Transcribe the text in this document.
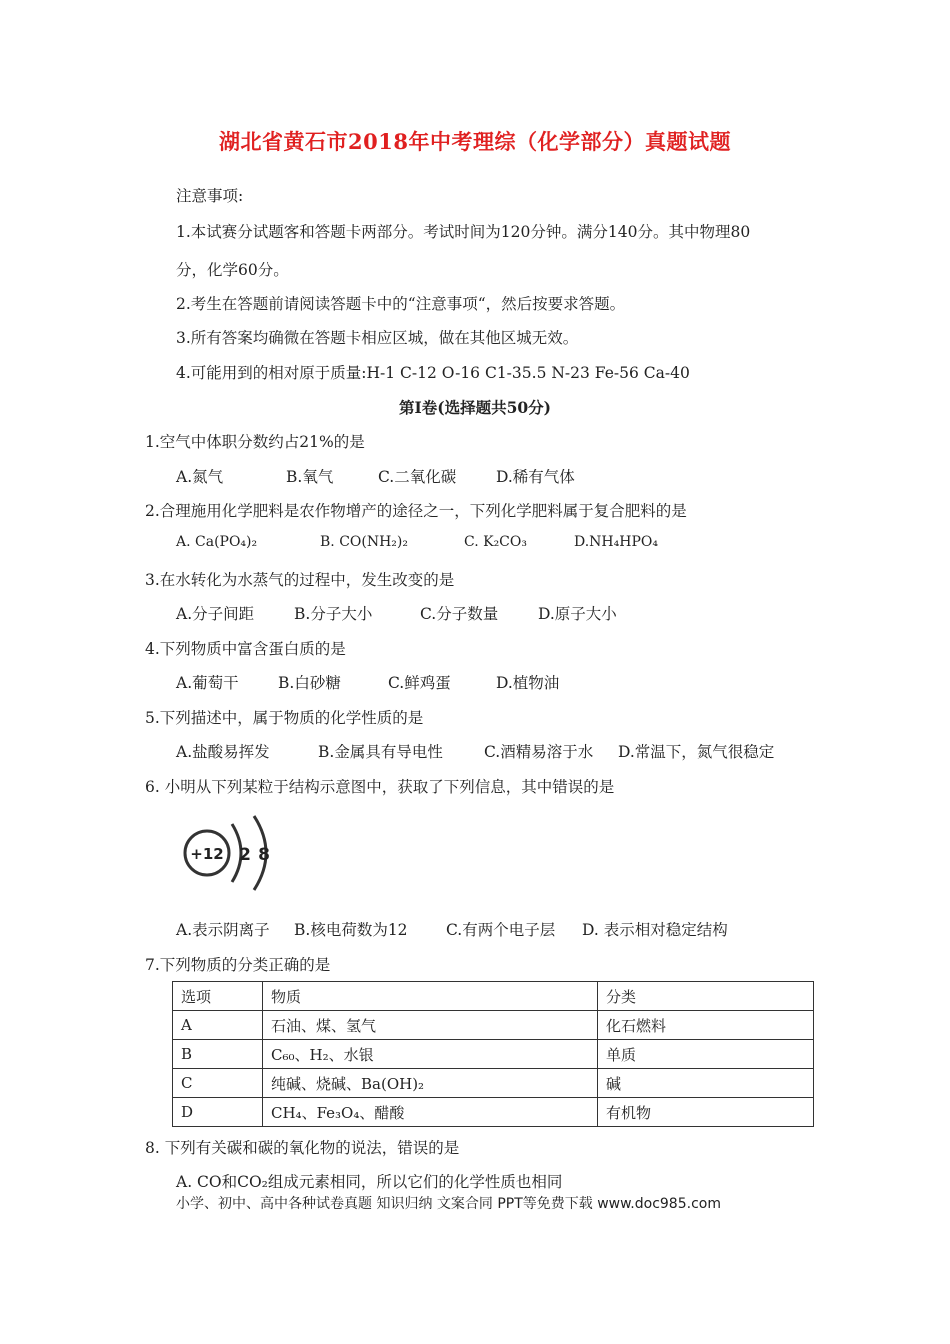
湖北省黄石市2018年中考理综（化学部分）真题试题
注意事项:
1.本试赛分试题客和答题卡两部分。考试时间为120分钟。满分140分。其中物理80
分，化学60分。
2.考生在答题前请阅读答题卡中的“注意事项“，然后按要求答题。
3.所有答案均确微在答题卡相应区城，做在其他区城无效。
4.可能用到的相对原于质量:H-1 C-12 O-16 C1-35.5 N-23 Fe-56 Ca-40
第I卷(选择题共50分)
1.空气中体职分数约占21%的是
A.氮气	B.氧气	C.二氧化碳	D.稀有气体
2.合理施用化学肥料是农作物增产的途径之一，下列化学肥料属于复合肥料的是
A. Ca(PO₄)₂	B. CO(NH₂)₂	C. K₂CO₃	D.NH₄HPO₄
3.在水转化为水蒸气的过程中，发生改变的是
A.分子间距	B.分子大小	C.分子数量	D.原子大小
4.下列物质中富含蛋白质的是
A.葡萄干	B.白砂糖	C.鲜鸡蛋	D.植物油
5.下列描述中，属于物质的化学性质的是
A.盐酸易挥发	B.金属具有导电性	C.酒精易溶于水 D.常温下，氮气很稳定
6. 小明从下列某粒于结构示意图中，获取了下列信息，其中错误的是
+12 2 8
A.表示阴离子 B.核电荷数为12 C.有两个电子层 D. 表示相对稳定结构
7.下列物质的分类正确的是
选项	物质	分类
A	石油、煤、氢气	化石燃料
B	C₆₀、H₂、水银	单质
C	纯碱、烧碱、Ba(OH)₂	碱
D	CH₄、Fe₃O₄、醋酸	有机物
8. 下列有关碳和碳的氧化物的说法，错误的是
A. CO和CO₂组成元素相同，所以它们的化学性质也相同
小学、初中、高中各种试卷真题 知识归纳 文案合同 PPT等免费下载 www.doc985.com
